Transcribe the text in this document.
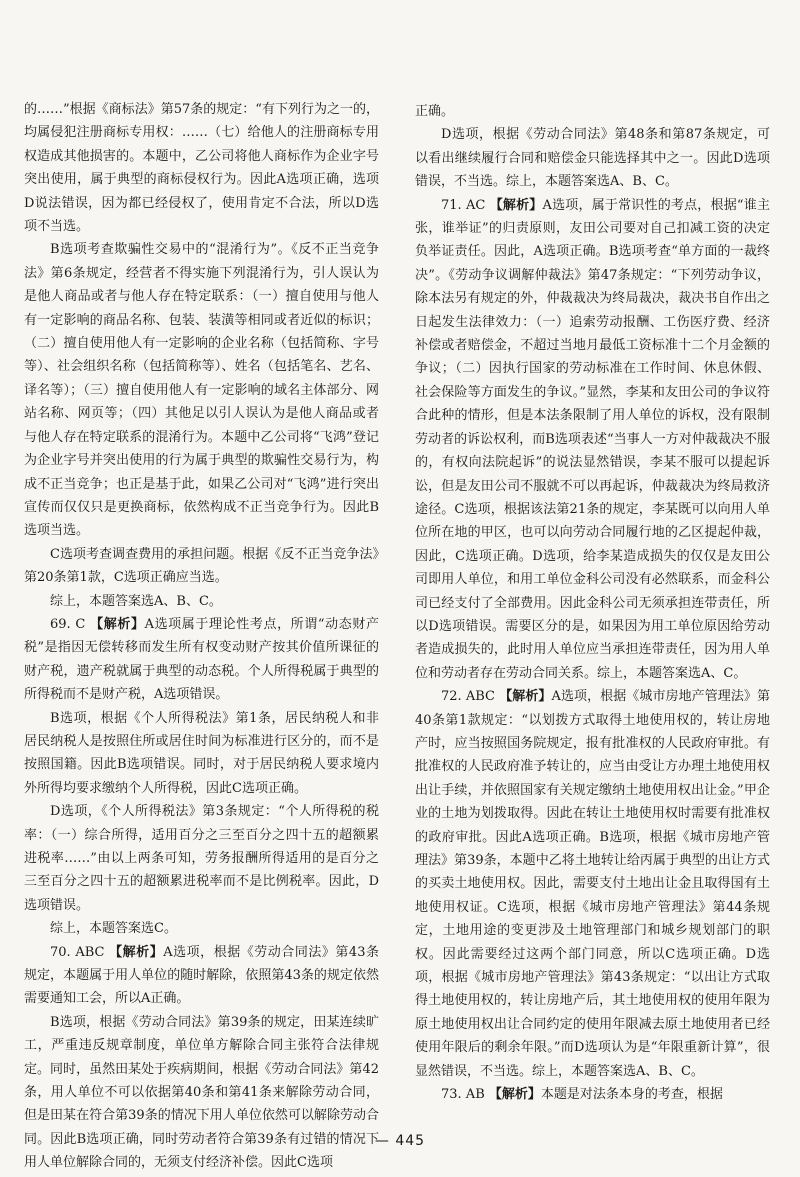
的……”根据《商标法》第57条的规定：“有下列行为之一的，均属侵犯注册商标专用权：……（七）给他人的注册商标专用权造成其他损害的。本题中，乙公司将他人商标作为企业字号突出使用，属于典型的商标侵权行为。因此A选项正确，选项D说法错误，因为都已经侵权了，使用肯定不合法，所以D选项不当选。

B选项考查欺骗性交易中的“混淆行为”。《反不正当竞争法》第6条规定，经营者不得实施下列混淆行为，引人误认为是他人商品或者与他人存在特定联系：（一）擅自使用与他人有一定影响的商品名称、包装、装潢等相同或者近似的标识；（二）擅自使用他人有一定影响的企业名称（包括简称、字号等）、社会组织名称（包括简称等）、姓名（包括笔名、艺名、译名等）；（三）擅自使用他人有一定影响的域名主体部分、网站名称、网页等；（四）其他足以引人误认为是他人商品或者与他人存在特定联系的混淆行为。本题中乙公司将“飞鸿”登记为企业字号并突出使用的行为属于典型的欺骗性交易行为，构成不正当竞争；也正是基于此，如果乙公司对“飞鸿”进行突出宣传而仅仅只是更换商标，依然构成不正当竞争行为。因此B选项当选。

C选项考查调查费用的承担问题。根据《反不正当竞争法》第20条第1款，C选项正确应当选。

综上，本题答案选A、B、C。

69. C 【解析】A选项属于理论性考点，所谓“动态财产税”是指因无偿转移而发生所有权变动财产按其价值所课征的财产税，遗产税就属于典型的动态税。个人所得税属于典型的所得税而不是财产税，A选项错误。

B选项，根据《个人所得税法》第1条，居民纳税人和非居民纳税人是按照住所或居住时间为标准进行区分的，而不是按照国籍。因此B选项错误。同时，对于居民纳税人要求境内外所得均要求缴纳个人所得税，因此C选项正确。

D选项，《个人所得税法》第3条规定：“个人所得税的税率：（一）综合所得，适用百分之三至百分之四十五的超额累进税率……”由以上两条可知，劳务报酬所得适用的是百分之三至百分之四十五的超额累进税率而不是比例税率。因此，D选项错误。

综上，本题答案选C。

70. ABC 【解析】A选项，根据《劳动合同法》第43条规定，本题属于用人单位的随时解除，依照第43条的规定依然需要通知工会，所以A正确。

B选项，根据《劳动合同法》第39条的规定，田某连续旷工，严重违反规章制度，单位单方解除合同主张符合法律规定。同时，虽然田某处于疾病期间，根据《劳动合同法》第42条，用人单位不可以依据第40条和第41条来解除劳动合同，但是田某在符合第39条的情况下用人单位依然可以解除劳动合同。因此B选项正确，同时劳动者符合第39条有过错的情况下用人单位解除合同的，无须支付经济补偿。因此C选项

正确。

D选项，根据《劳动合同法》第48条和第87条规定，可以看出继续履行合同和赔偿金只能选择其中之一。因此D选项错误，不当选。综上，本题答案选A、B、C。

71. AC 【解析】A选项，属于常识性的考点，根据“谁主张，谁举证”的归责原则，友田公司要对自己扣减工资的决定负举证责任。因此，A选项正确。B选项考查“单方面的一裁终决”。《劳动争议调解仲裁法》第47条规定：“下列劳动争议，除本法另有规定的外，仲裁裁决为终局裁决，裁决书自作出之日起发生法律效力：（一）追索劳动报酬、工伤医疗费、经济补偿或者赔偿金，不超过当地月最低工资标准十二个月金额的争议；（二）因执行国家的劳动标准在工作时间、休息休假、社会保险等方面发生的争议。”显然，李某和友田公司的争议符合此种的情形，但是本法条限制了用人单位的诉权，没有限制劳动者的诉讼权利，而B选项表述“当事人一方对仲裁裁决不服的，有权向法院起诉”的说法显然错误，李某不服可以提起诉讼，但是友田公司不服就不可以再起诉，仲裁裁决为终局救济途径。C选项，根据该法第21条的规定，李某既可以向用人单位所在地的甲区，也可以向劳动合同履行地的乙区提起仲裁，因此，C选项正确。D选项，给李某造成损失的仅仅是友田公司即用人单位，和用工单位金科公司没有必然联系，而金科公司已经支付了全部费用。因此金科公司无须承担连带责任，所以D选项错误。需要区分的是，如果因为用工单位原因给劳动者造成损失的，此时用人单位应当承担连带责任，因为用人单位和劳动者存在劳动合同关系。综上，本题答案选A、C。

72. ABC 【解析】A选项，根据《城市房地产管理法》第40条第1款规定：“以划拨方式取得土地使用权的，转让房地产时，应当按照国务院规定，报有批准权的人民政府审批。有批准权的人民政府准予转让的，应当由受让方办理土地使用权出让手续，并依照国家有关规定缴纳土地使用权出让金。”甲企业的土地为划拨取得。因此在转让土地使用权时需要有批准权的政府审批。因此A选项正确。B选项，根据《城市房地产管理法》第39条，本题中乙将土地转让给丙属于典型的出让方式的买卖土地使用权。因此，需要支付土地出让金且取得国有土地使用权证。C选项，根据《城市房地产管理法》第44条规定，土地用途的变更涉及土地管理部门和城乡规划部门的职权。因此需要经过这两个部门同意，所以C选项正确。D选项，根据《城市房地产管理法》第43条规定：“以出让方式取得土地使用权的，转让房地产后，其土地使用权的使用年限为原土地使用权出让合同约定的使用年限减去原土地使用者已经使用年限后的剩余年限。”而D选项认为是“年限重新计算”，很显然错误，不当选。综上，本题答案选A、B、C。

73. AB 【解析】本题是对法条本身的考查，根据

— 445
